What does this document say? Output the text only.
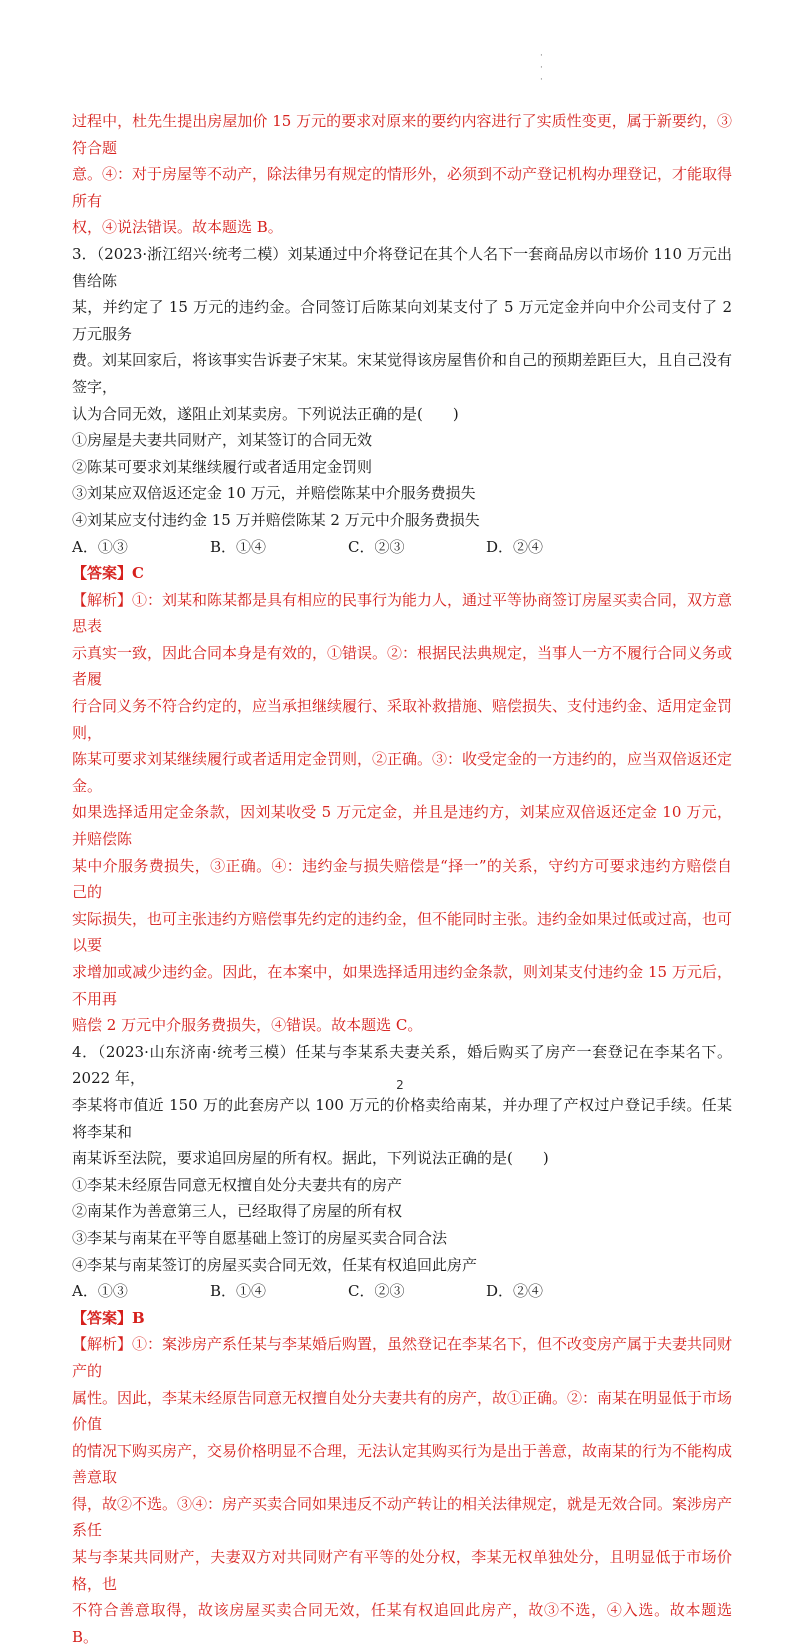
·
·
·

过程中，杜先生提出房屋加价 15 万元的要求对原来的要约内容进行了实质性变更，属于新要约，③符合题

意。④：对于房屋等不动产，除法律另有规定的情形外，必须到不动产登记机构办理登记，才能取得所有

权，④说法错误。故本题选 B。

3．（2023·浙江绍兴·统考二模）刘某通过中介将登记在其个人名下一套商品房以市场价 110 万元出售给陈

某，并约定了 15 万元的违约金。合同签订后陈某向刘某支付了 5 万元定金并向中介公司支付了 2 万元服务

费。刘某回家后，将该事实告诉妻子宋某。宋某觉得该房屋售价和自己的预期差距巨大，且自己没有签字，

认为合同无效，遂阻止刘某卖房。下列说法正确的是(　　)

①房屋是夫妻共同财产，刘某签订的合同无效

②陈某可要求刘某继续履行或者适用定金罚则

③刘某应双倍返还定金 10 万元，并赔偿陈某中介服务费损失

④刘某应支付违约金 15 万并赔偿陈某 2 万元中介服务费损失

A．①③	B．①④	C．②③	D．②④

【答案】C

【解析】①：刘某和陈某都是具有相应的民事行为能力人，通过平等协商签订房屋买卖合同，双方意思表

示真实一致，因此合同本身是有效的，①错误。②：根据民法典规定，当事人一方不履行合同义务或者履

行合同义务不符合约定的，应当承担继续履行、采取补救措施、赔偿损失、支付违约金、适用定金罚则，

陈某可要求刘某继续履行或者适用定金罚则，②正确。③：收受定金的一方违约的，应当双倍返还定金。

如果选择适用定金条款，因刘某收受 5 万元定金，并且是违约方，刘某应双倍返还定金 10 万元，并赔偿陈

某中介服务费损失，③正确。④：违约金与损失赔偿是“择一”的关系，守约方可要求违约方赔偿自己的

实际损失，也可主张违约方赔偿事先约定的违约金，但不能同时主张。违约金如果过低或过高，也可以要

求增加或减少违约金。因此，在本案中，如果选择适用违约金条款，则刘某支付违约金 15 万元后，不用再

赔偿 2 万元中介服务费损失，④错误。故本题选 C。

4．（2023·山东济南·统考三模）任某与李某系夫妻关系，婚后购买了房产一套登记在李某名下。2022 年，

李某将市值近 150 万的此套房产以 100 万元的价格卖给南某，并办理了产权过户登记手续。任某将李某和

南某诉至法院，要求追回房屋的所有权。据此，下列说法正确的是(　　)

①李某未经原告同意无权擅自处分夫妻共有的房产

②南某作为善意第三人，已经取得了房屋的所有权

③李某与南某在平等自愿基础上签订的房屋买卖合同合法

④李某与南某签订的房屋买卖合同无效，任某有权追回此房产

A．①③	B．①④	C．②③	D．②④

【答案】B

【解析】①：案涉房产系任某与李某婚后购置，虽然登记在李某名下，但不改变房产属于夫妻共同财产的

属性。因此，李某未经原告同意无权擅自处分夫妻共有的房产，故①正确。②：南某在明显低于市场价值

的情况下购买房产，交易价格明显不合理，无法认定其购买行为是出于善意，故南某的行为不能构成善意取

得，故②不选。③④：房产买卖合同如果违反不动产转让的相关法律规定，就是无效合同。案涉房产系任

某与李某共同财产，夫妻双方对共同财产有平等的处分权，李某无权单独处分，且明显低于市场价格，也

不符合善意取得，故该房屋买卖合同无效，任某有权追回此房产，故③不选，④入选。故本题选 B。

2
